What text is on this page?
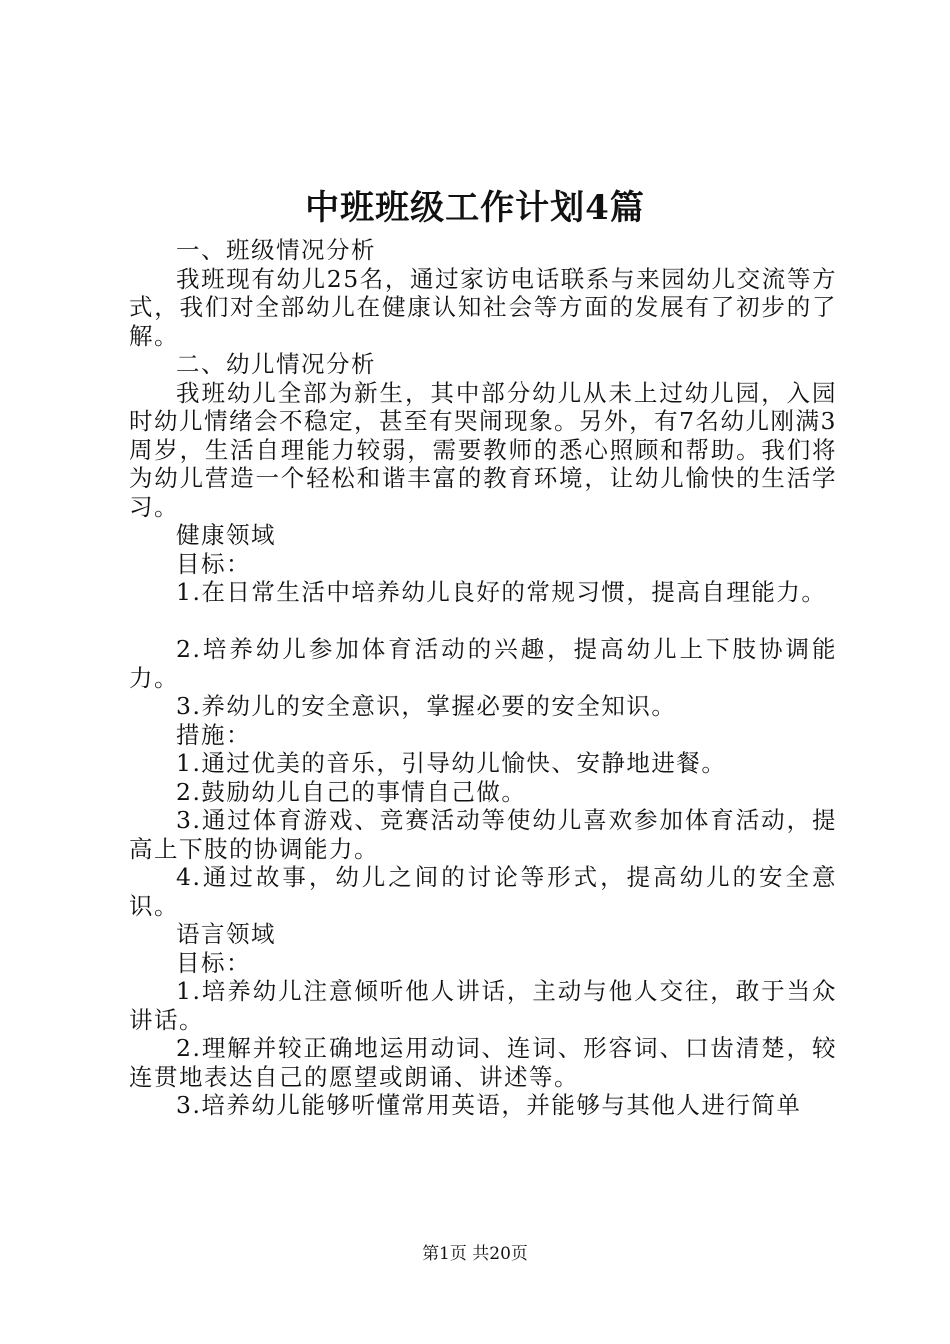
中班班级工作计划4篇

一、班级情况分析

我班现有幼儿25名，通过家访电话联系与来园幼儿交流等方式，我们对全部幼儿在健康认知社会等方面的发展有了初步的了解。

二、幼儿情况分析

我班幼儿全部为新生，其中部分幼儿从未上过幼儿园，入园时幼儿情绪会不稳定，甚至有哭闹现象。另外，有7名幼儿刚满3周岁，生活自理能力较弱，需要教师的悉心照顾和帮助。我们将为幼儿营造一个轻松和谐丰富的教育环境，让幼儿愉快的生活学习。

健康领域

目标：

1.在日常生活中培养幼儿良好的常规习惯，提高自理能力。

2.培养幼儿参加体育活动的兴趣，提高幼儿上下肢协调能力。

3.养幼儿的安全意识，掌握必要的安全知识。

措施：

1.通过优美的音乐，引导幼儿愉快、安静地进餐。

2.鼓励幼儿自己的事情自己做。

3.通过体育游戏、竞赛活动等使幼儿喜欢参加体育活动，提高上下肢的协调能力。

4.通过故事，幼儿之间的讨论等形式，提高幼儿的安全意识。

语言领域

目标：

1.培养幼儿注意倾听他人讲话，主动与他人交往，敢于当众讲话。

2.理解并较正确地运用动词、连词、形容词、口齿清楚，较连贯地表达自己的愿望或朗诵、讲述等。

3.培养幼儿能够听懂常用英语，并能够与其他人进行简单

第1页 共20页
